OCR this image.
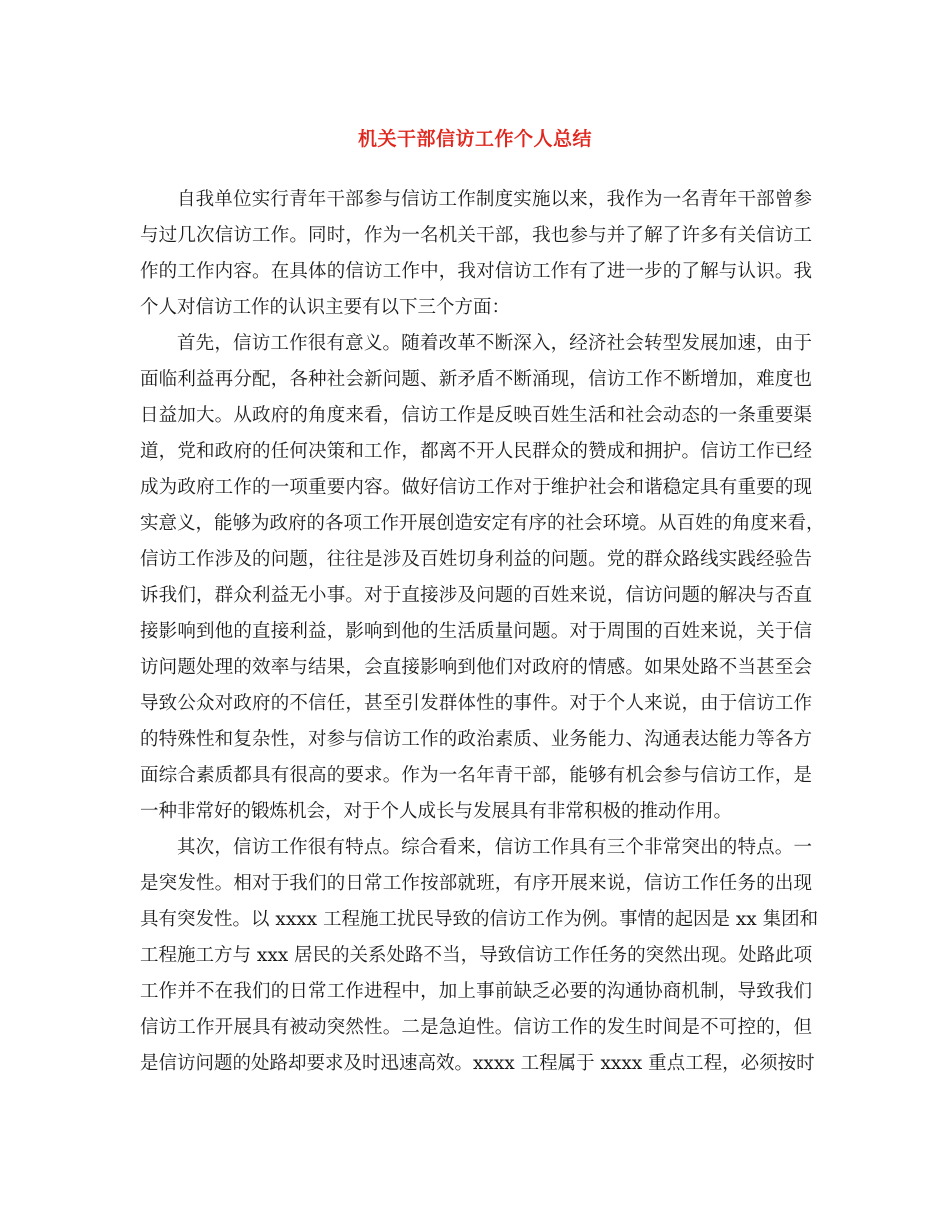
机关干部信访工作个人总结
自我单位实行青年干部参与信访工作制度实施以来，我作为一名青年干部曾参
与过几次信访工作。同时，作为一名机关干部，我也参与并了解了许多有关信访工
作的工作内容。在具体的信访工作中，我对信访工作有了进一步的了解与认识。我
个人对信访工作的认识主要有以下三个方面：
首先，信访工作很有意义。随着改革不断深入，经济社会转型发展加速，由于
面临利益再分配，各种社会新问题、新矛盾不断涌现，信访工作不断增加，难度也
日益加大。从政府的角度来看，信访工作是反映百姓生活和社会动态的一条重要渠
道，党和政府的任何决策和工作，都离不开人民群众的赞成和拥护。信访工作已经
成为政府工作的一项重要内容。做好信访工作对于维护社会和谐稳定具有重要的现
实意义，能够为政府的各项工作开展创造安定有序的社会环境。从百姓的角度来看，
信访工作涉及的问题，往往是涉及百姓切身利益的问题。党的群众路线实践经验告
诉我们，群众利益无小事。对于直接涉及问题的百姓来说，信访问题的解决与否直
接影响到他的直接利益，影响到他的生活质量问题。对于周围的百姓来说，关于信
访问题处理的效率与结果，会直接影响到他们对政府的情感。如果处路不当甚至会
导致公众对政府的不信任，甚至引发群体性的事件。对于个人来说，由于信访工作
的特殊性和复杂性，对参与信访工作的政治素质、业务能力、沟通表达能力等各方
面综合素质都具有很高的要求。作为一名年青干部，能够有机会参与信访工作，是
一种非常好的锻炼机会，对于个人成长与发展具有非常积极的推动作用。
其次，信访工作很有特点。综合看来，信访工作具有三个非常突出的特点。一
是突发性。相对于我们的日常工作按部就班，有序开展来说，信访工作任务的出现
具有突发性。以 xxxx 工程施工扰民导致的信访工作为例。事情的起因是 xx 集团和
工程施工方与 xxx 居民的关系处路不当，导致信访工作任务的突然出现。处路此项
工作并不在我们的日常工作进程中，加上事前缺乏必要的沟通协商机制，导致我们
信访工作开展具有被动突然性。二是急迫性。信访工作的发生时间是不可控的，但
是信访问题的处路却要求及时迅速高效。xxxx 工程属于 xxxx 重点工程，必须按时
